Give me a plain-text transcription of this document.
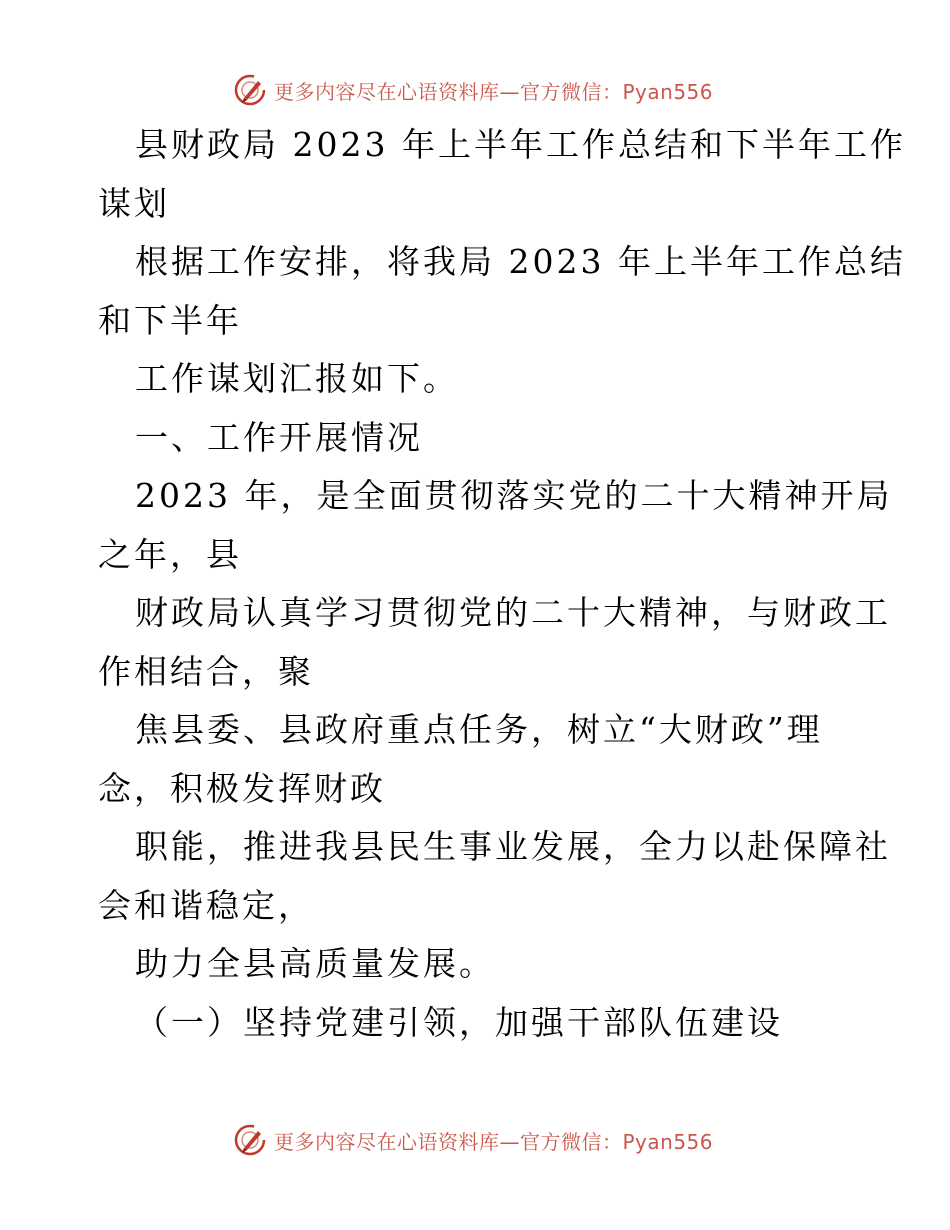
更多内容尽在心语资料库—官方微信：Pyan556
县财政局 2023 年上半年工作总结和下半年工作
谋划
根据工作安排，将我局 2023 年上半年工作总结
和下半年
工作谋划汇报如下。
一、工作开展情况
2023 年，是全面贯彻落实党的二十大精神开局
之年，县
财政局认真学习贯彻党的二十大精神，与财政工
作相结合，聚
焦县委、县政府重点任务，树立“大财政”理
念，积极发挥财政
职能，推进我县民生事业发展，全力以赴保障社
会和谐稳定，
助力全县高质量发展。
（一）坚持党建引领，加强干部队伍建设
更多内容尽在心语资料库—官方微信：Pyan556
